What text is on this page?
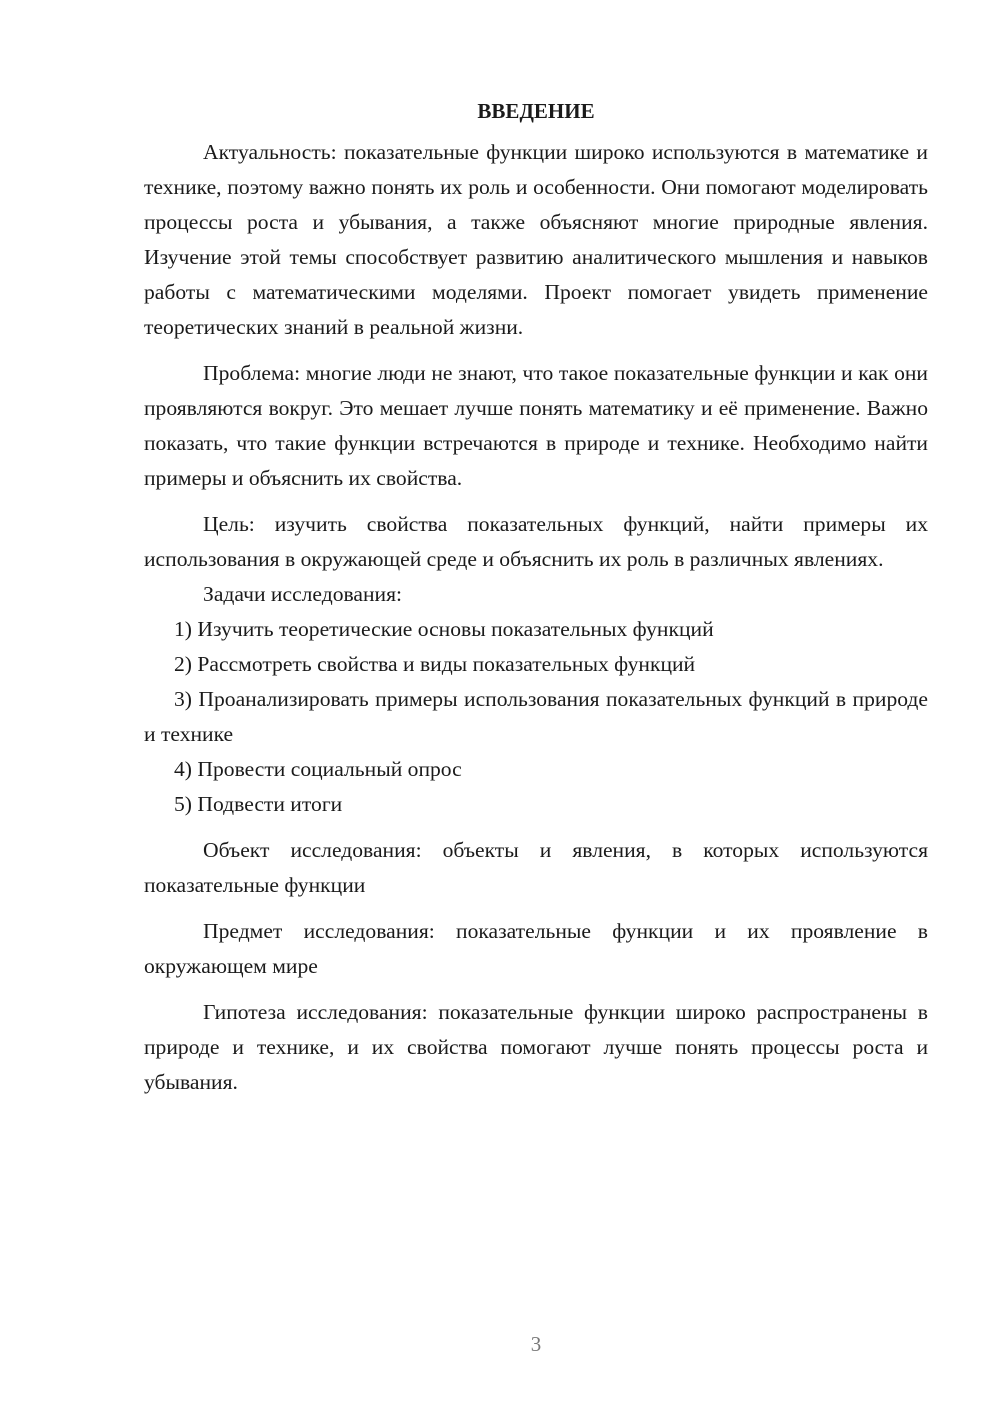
ВВЕДЕНИЕ

Актуальность: показательные функции широко используются в математике и технике, поэтому важно понять их роль и особенности. Они помогают моделировать процессы роста и убывания, а также объясняют многие природные явления. Изучение этой темы способствует развитию аналитического мышления и навыков работы с математическими моделями. Проект помогает увидеть применение теоретических знаний в реальной жизни.

Проблема: многие люди не знают, что такое показательные функции и как они проявляются вокруг. Это мешает лучше понять математику и её применение. Важно показать, что такие функции встречаются в природе и технике. Необходимо найти примеры и объяснить их свойства.

Цель: изучить свойства показательных функций, найти примеры их использования в окружающей среде и объяснить их роль в различных явлениях.

Задачи исследования:

1) Изучить теоретические основы показательных функций

2) Рассмотреть свойства и виды показательных функций

3) Проанализировать примеры использования показательных функций в природе и технике

4) Провести социальный опрос

5) Подвести итоги

Объект исследования: объекты и явления, в которых используются показательные функции

Предмет исследования: показательные функции и их проявление в окружающем мире

Гипотеза исследования: показательные функции широко распространены в природе и технике, и их свойства помогают лучше понять процессы роста и убывания.

3
